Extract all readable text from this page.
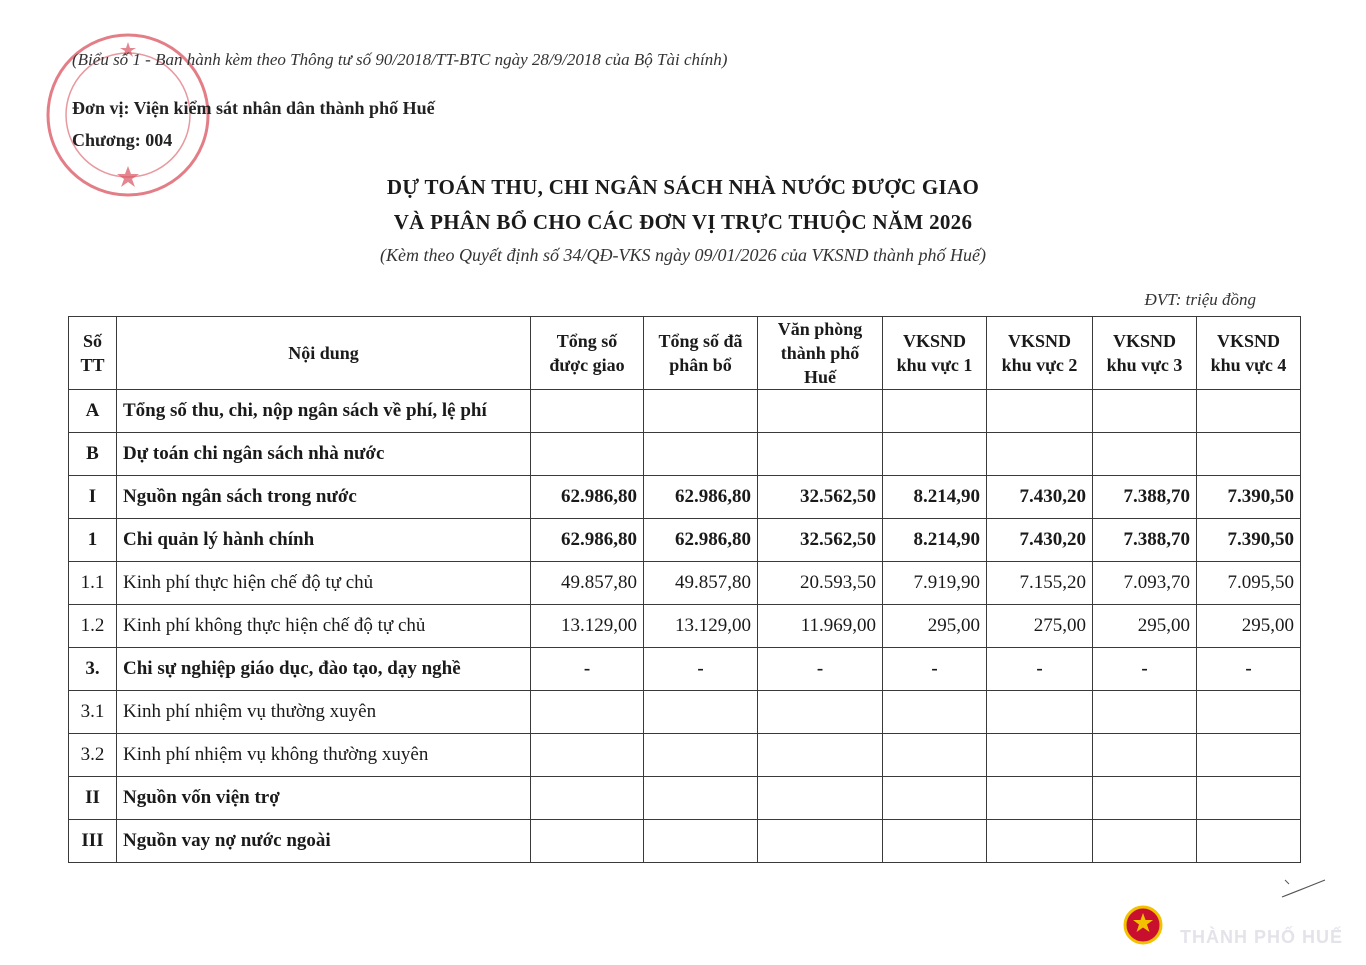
(Biểu số 1 - Ban hành kèm theo Thông tư số 90/2018/TT-BTC ngày 28/9/2018 của Bộ Tài chính)
Đơn vị: Viện kiểm sát nhân dân thành phố Huế
Chương: 004
DỰ TOÁN THU, CHI NGÂN SÁCH NHÀ NƯỚC ĐƯỢC GIAO
VÀ PHÂN BỔ CHO CÁC ĐƠN VỊ TRỰC THUỘC NĂM 2026
(Kèm theo Quyết định số 34/QĐ-VKS ngày 09/01/2026 của VKSND thành phố Huế)
ĐVT: triệu đồng
Số TT	Nội dung	Tổng số được giao	Tổng số đã phân bổ	Văn phòng thành phố Huế	VKSND khu vực 1	VKSND khu vực 2	VKSND khu vực 3	VKSND khu vực 4
A	Tổng số thu, chi, nộp ngân sách về phí, lệ phí							
B	Dự toán chi ngân sách nhà nước							
I	Nguồn ngân sách trong nước	62.986,80	62.986,80	32.562,50	8.214,90	7.430,20	7.388,70	7.390,50
1	Chi quản lý hành chính	62.986,80	62.986,80	32.562,50	8.214,90	7.430,20	7.388,70	7.390,50
1.1	Kinh phí thực hiện chế độ tự chủ	49.857,80	49.857,80	20.593,50	7.919,90	7.155,20	7.093,70	7.095,50
1.2	Kinh phí không thực hiện chế độ tự chủ	13.129,00	13.129,00	11.969,00	295,00	275,00	295,00	295,00
3.	Chi sự nghiệp giáo dục, đào tạo, dạy nghề	-	-	-	-	-	-	-
3.1	Kinh phí nhiệm vụ thường xuyên							
3.2	Kinh phí nhiệm vụ không thường xuyên							
II	Nguồn vốn viện trợ							
III	Nguồn vay nợ nước ngoài							
THÀNH PHỐ HUẾ
